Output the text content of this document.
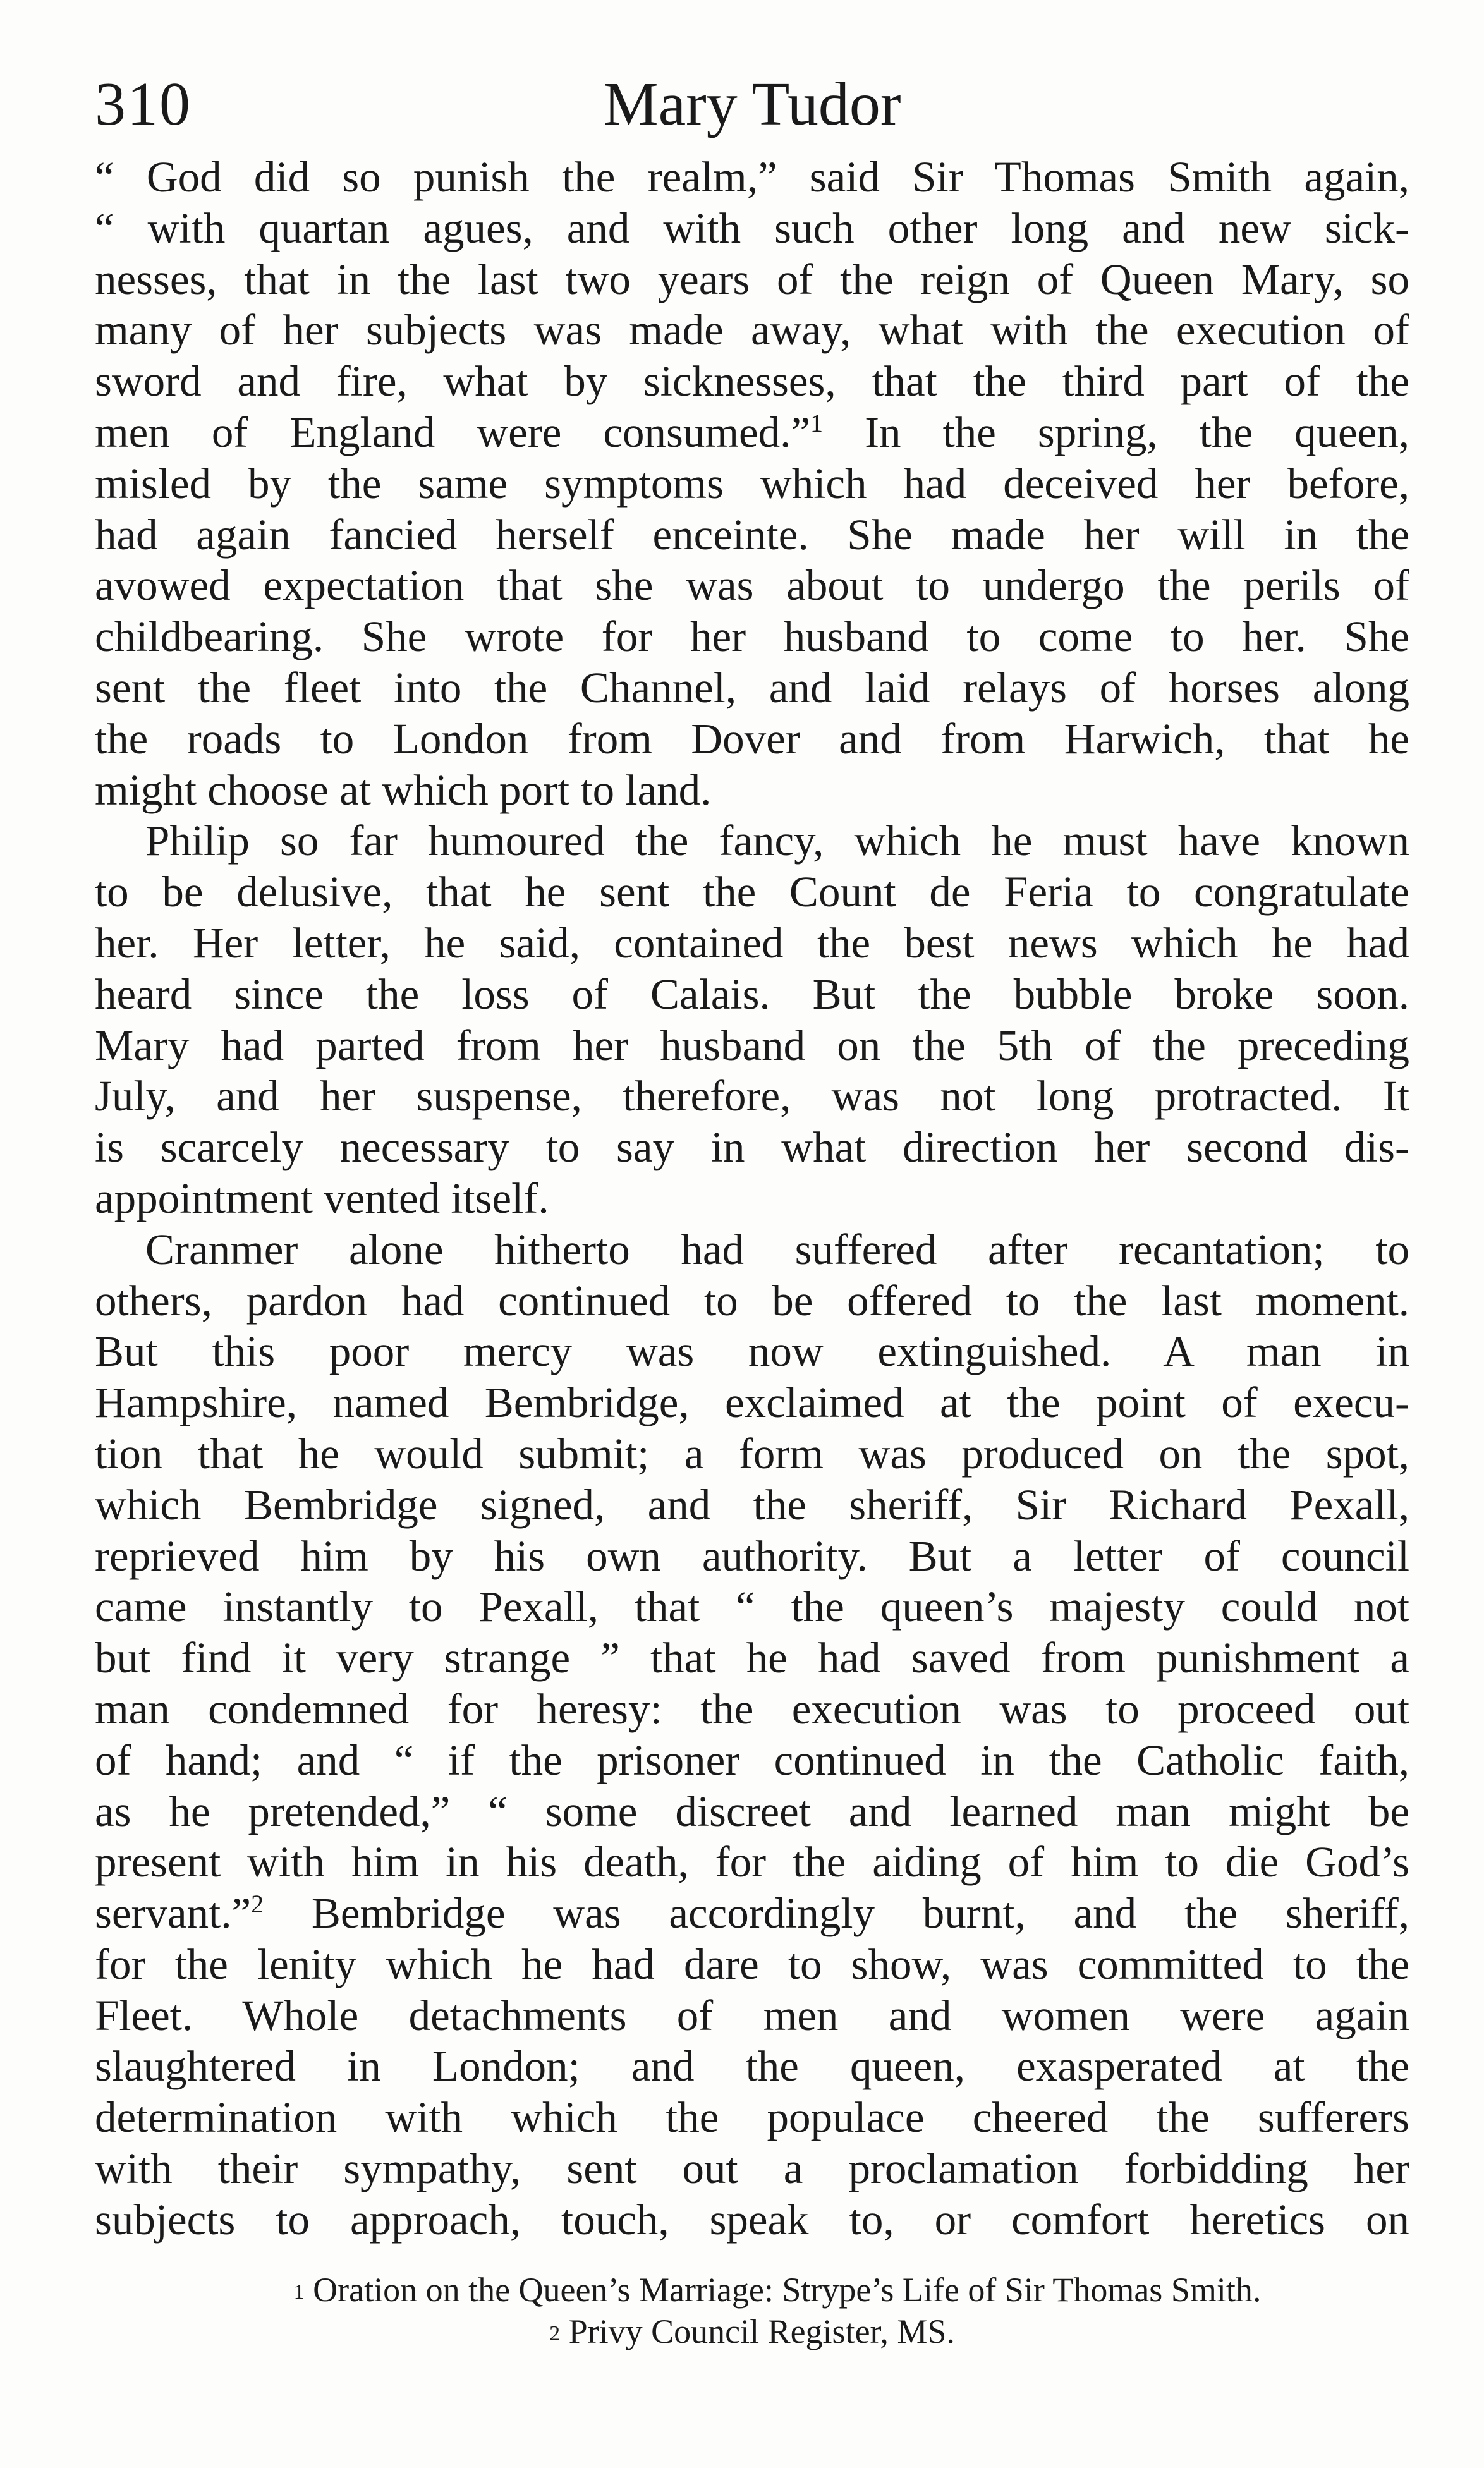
310	Mary Tudor
“ God did so punish the realm,” said Sir Thomas Smith again,
“ with quartan agues, and with such other long and new sick-
nesses, that in the last two years of the reign of Queen Mary, so
many of her subjects was made away, what with the execution of
sword and fire, what by sicknesses, that the third part of the
men of England were consumed.”$^1$ In the spring, the queen,
misled by the same symptoms which had deceived her before,
had again fancied herself enceinte. She made her will in the
avowed expectation that she was about to undergo the perils of
childbearing. She wrote for her husband to come to her. She
sent the fleet into the Channel, and laid relays of horses along
the roads to London from Dover and from Harwich, that he
might choose at which port to land.
Philip so far humoured the fancy, which he must have known
to be delusive, that he sent the Count de Feria to congratulate
her. Her letter, he said, contained the best news which he had
heard since the loss of Calais. But the bubble broke soon.
Mary had parted from her husband on the 5th of the preceding
July, and her suspense, therefore, was not long protracted. It
is scarcely necessary to say in what direction her second dis-
appointment vented itself.
Cranmer alone hitherto had suffered after recantation; to
others, pardon had continued to be offered to the last moment.
But this poor mercy was now extinguished. A man in
Hampshire, named Bembridge, exclaimed at the point of execu-
tion that he would submit; a form was produced on the spot,
which Bembridge signed, and the sheriff, Sir Richard Pexall,
reprieved him by his own authority. But a letter of council
came instantly to Pexall, that “ the queen’s majesty could not
but find it very strange ” that he had saved from punishment a
man condemned for heresy: the execution was to proceed out
of hand; and “ if the prisoner continued in the Catholic faith,
as he pretended,” “ some discreet and learned man might be
present with him in his death, for the aiding of him to die God’s
servant.”$^2$ Bembridge was accordingly burnt, and the sheriff,
for the lenity which he had dare to show, was committed to the
Fleet. Whole detachments of men and women were again
slaughtered in London; and the queen, exasperated at the
determination with which the populace cheered the sufferers
with their sympathy, sent out a proclamation forbidding her
subjects to approach, touch, speak to, or comfort heretics on
$^1$ Oration on the Queen’s Marriage: Strype’s Life of Sir Thomas Smith.
$^2$ Privy Council Register, MS.
